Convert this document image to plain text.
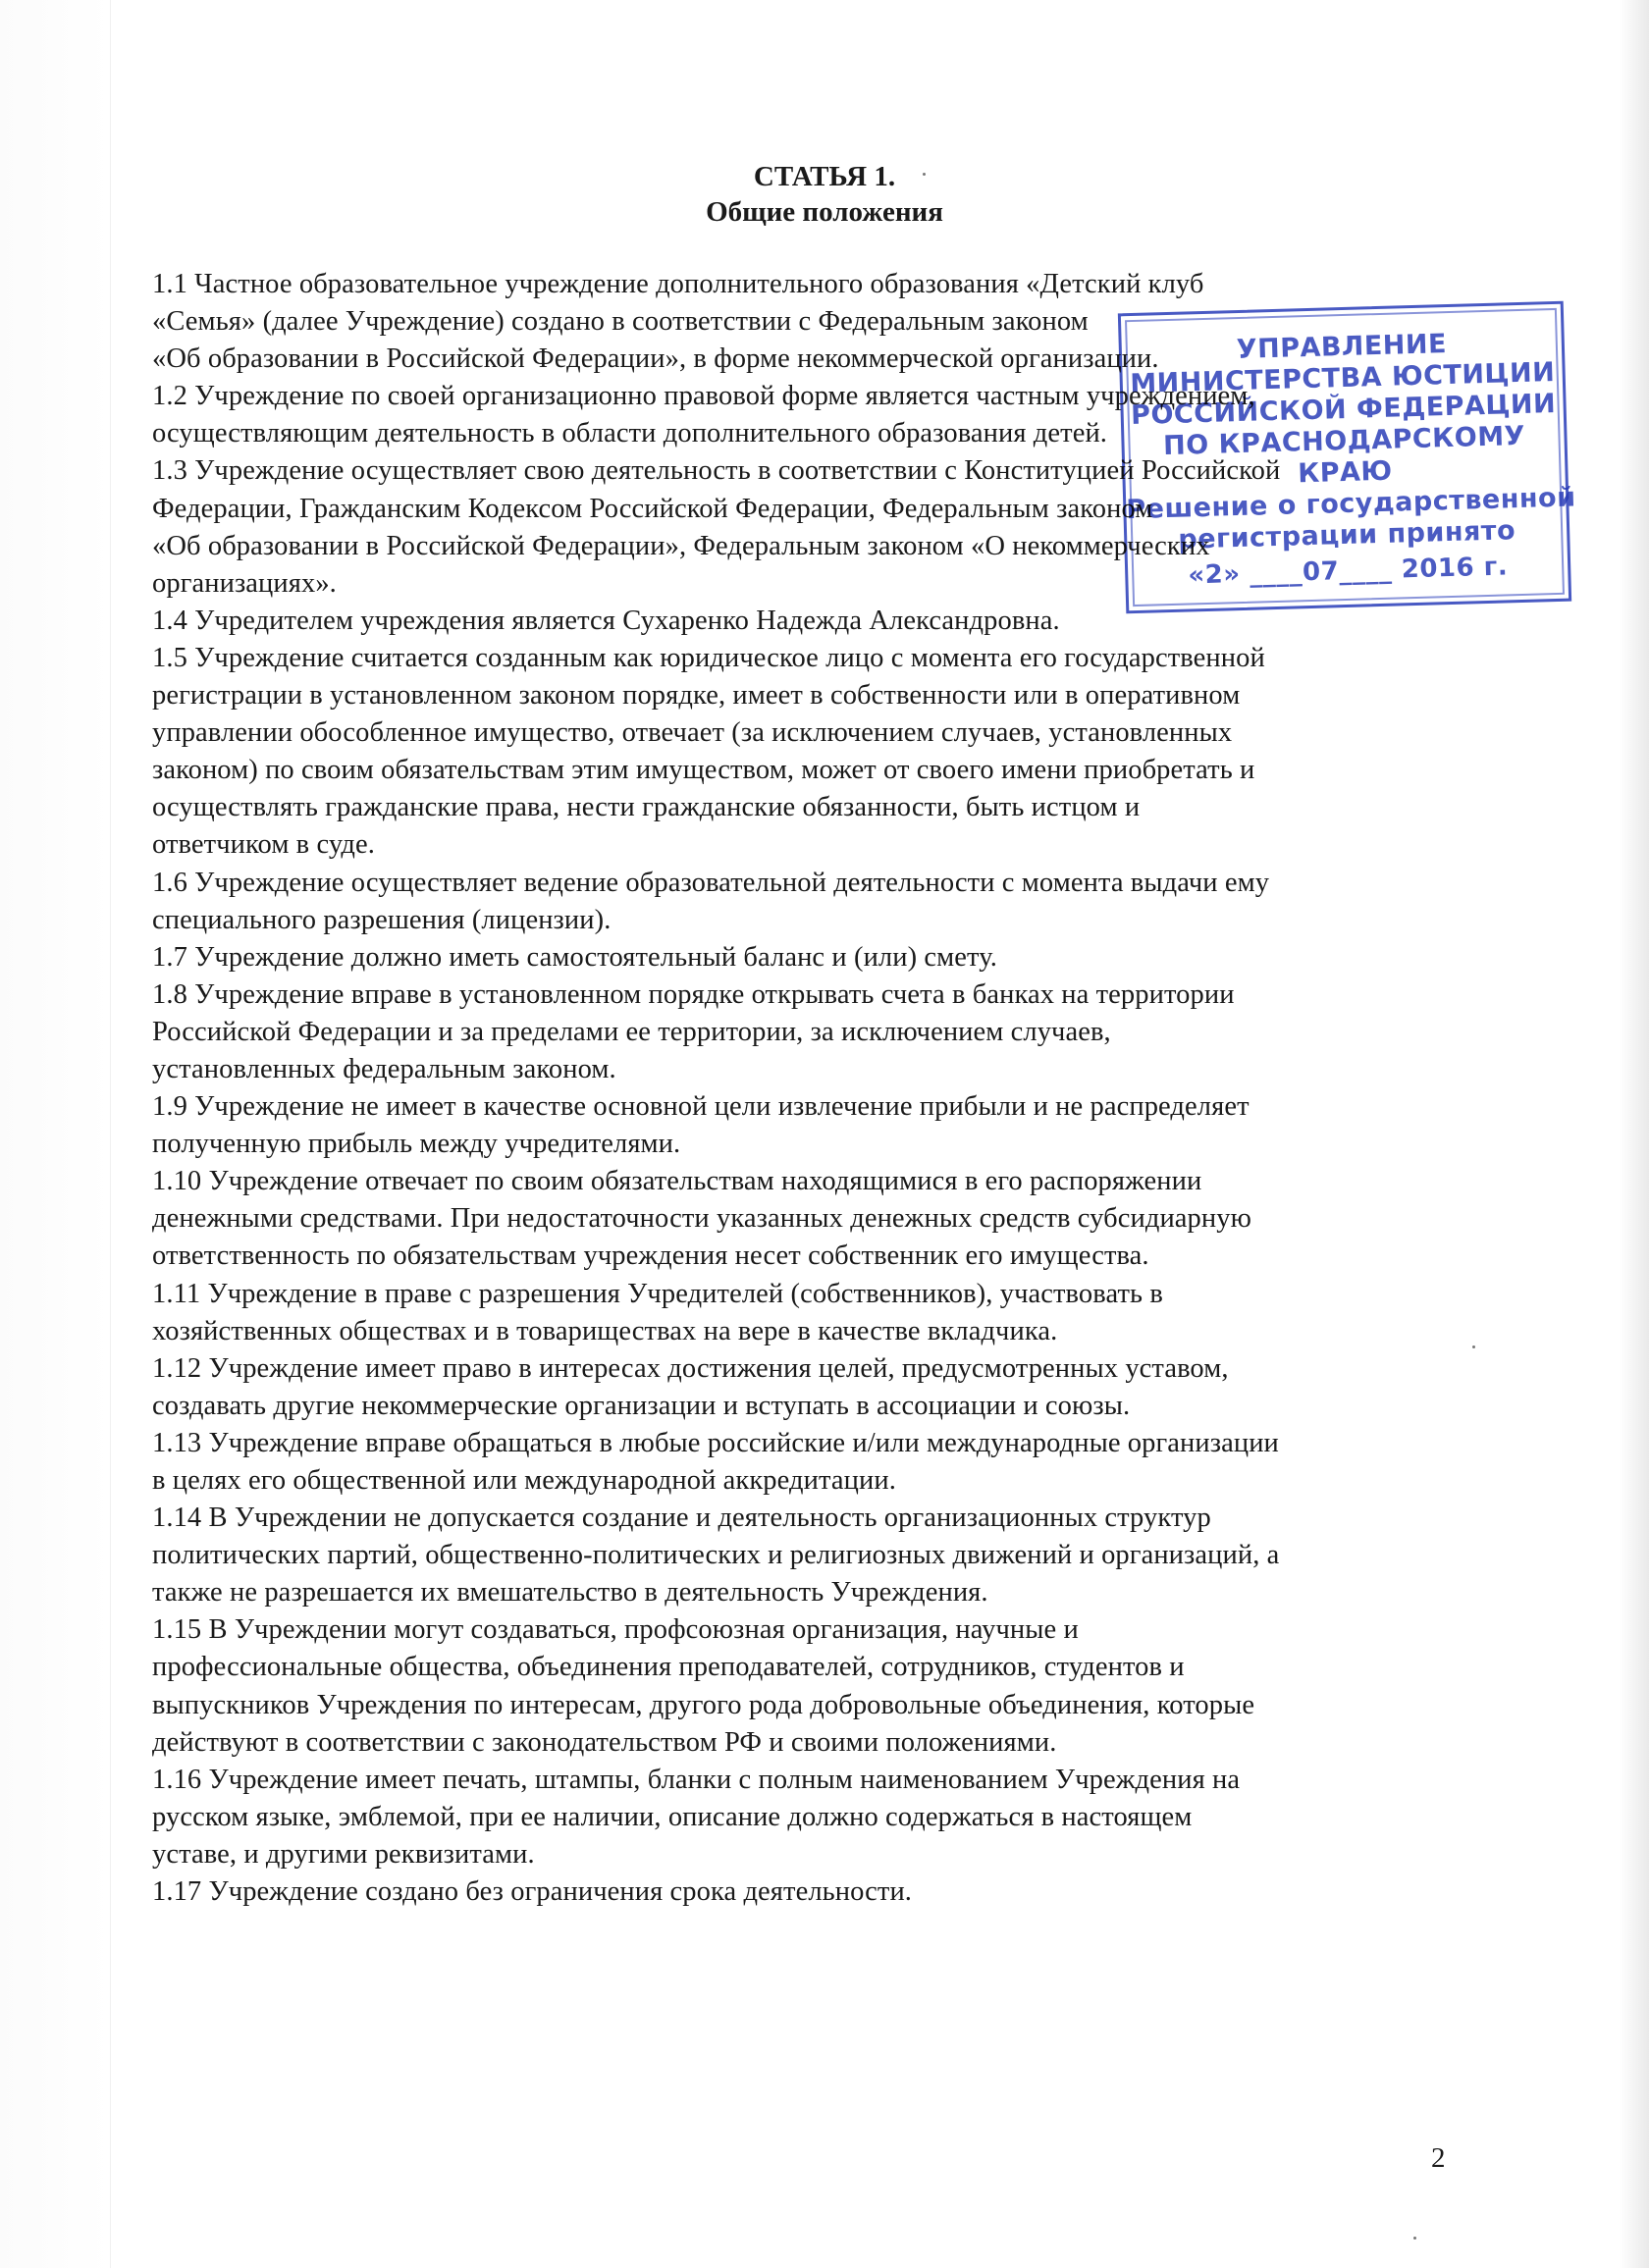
СТАТЬЯ 1.
Общие положения
1.1 Частное образовательное учреждение дополнительного образования «Детский клуб
«Семья» (далее Учреждение) создано в соответствии с Федеральным законом
«Об образовании в Российской Федерации», в форме некоммерческой организации.
1.2 Учреждение по своей организационно правовой форме является частным учреждением,
осуществляющим деятельность в области дополнительного образования детей.
1.3 Учреждение осуществляет свою деятельность в соответствии с Конституцией Российской
Федерации, Гражданским Кодексом Российской Федерации, Федеральным законом
«Об образовании в Российской Федерации», Федеральным законом «О некоммерческих
организациях».
1.4 Учредителем учреждения является Сухаренко Надежда Александровна.
1.5 Учреждение считается созданным как юридическое лицо с момента его государственной
регистрации в установленном законом порядке, имеет в собственности или в оперативном
управлении обособленное имущество, отвечает (за исключением случаев, установленных
законом) по своим обязательствам этим имуществом, может от своего имени приобретать и
осуществлять гражданские права, нести гражданские обязанности, быть истцом и
ответчиком в суде.
1.6 Учреждение осуществляет ведение образовательной деятельности с момента выдачи ему
специального разрешения (лицензии).
1.7 Учреждение должно иметь самостоятельный баланс и (или) смету.
1.8 Учреждение вправе в установленном порядке открывать счета в банках на территории
Российской Федерации и за пределами ее территории, за исключением случаев,
установленных федеральным законом.
1.9 Учреждение не имеет в качестве основной цели извлечение прибыли и не распределяет
полученную прибыль между учредителями.
1.10 Учреждение отвечает по своим обязательствам находящимися в его распоряжении
денежными средствами. При недостаточности указанных денежных средств субсидиарную
ответственность по обязательствам учреждения несет собственник его имущества.
1.11 Учреждение в праве с разрешения Учредителей (собственников), участвовать в
хозяйственных обществах и в товариществах на вере в качестве вкладчика.
1.12 Учреждение имеет право в интересах достижения целей, предусмотренных уставом,
создавать другие некоммерческие организации и вступать в ассоциации и союзы.
1.13 Учреждение вправе обращаться в любые российские и/или международные организации
в целях его общественной или международной аккредитации.
1.14 В Учреждении не допускается создание и деятельность организационных структур
политических партий, общественно-политических и религиозных движений и организаций, а
также не разрешается их вмешательство в деятельность Учреждения.
1.15 В Учреждении могут создаваться, профсоюзная организация, научные и
профессиональные общества, объединения преподавателей, сотрудников, студентов и
выпускников Учреждения по интересам, другого рода добровольные объединения, которые
действуют в соответствии с законодательством РФ и своими положениями.
1.16 Учреждение имеет печать, штампы, бланки с полным наименованием Учреждения на
русском языке, эмблемой, при ее наличии, описание должно содержаться в настоящем
уставе, и другими реквизитами.
1.17 Учреждение создано без ограничения срока деятельности.
УПРАВЛЕНИЕ
МИНИСТЕРСТВА ЮСТИЦИИ
РОССИЙСКОЙ ФЕДЕРАЦИИ
ПО КРАСНОДАРСКОМУ
КРАЮ
Решение о государственной
регистрации принято
«2» ____07____ 2016 г.
2
